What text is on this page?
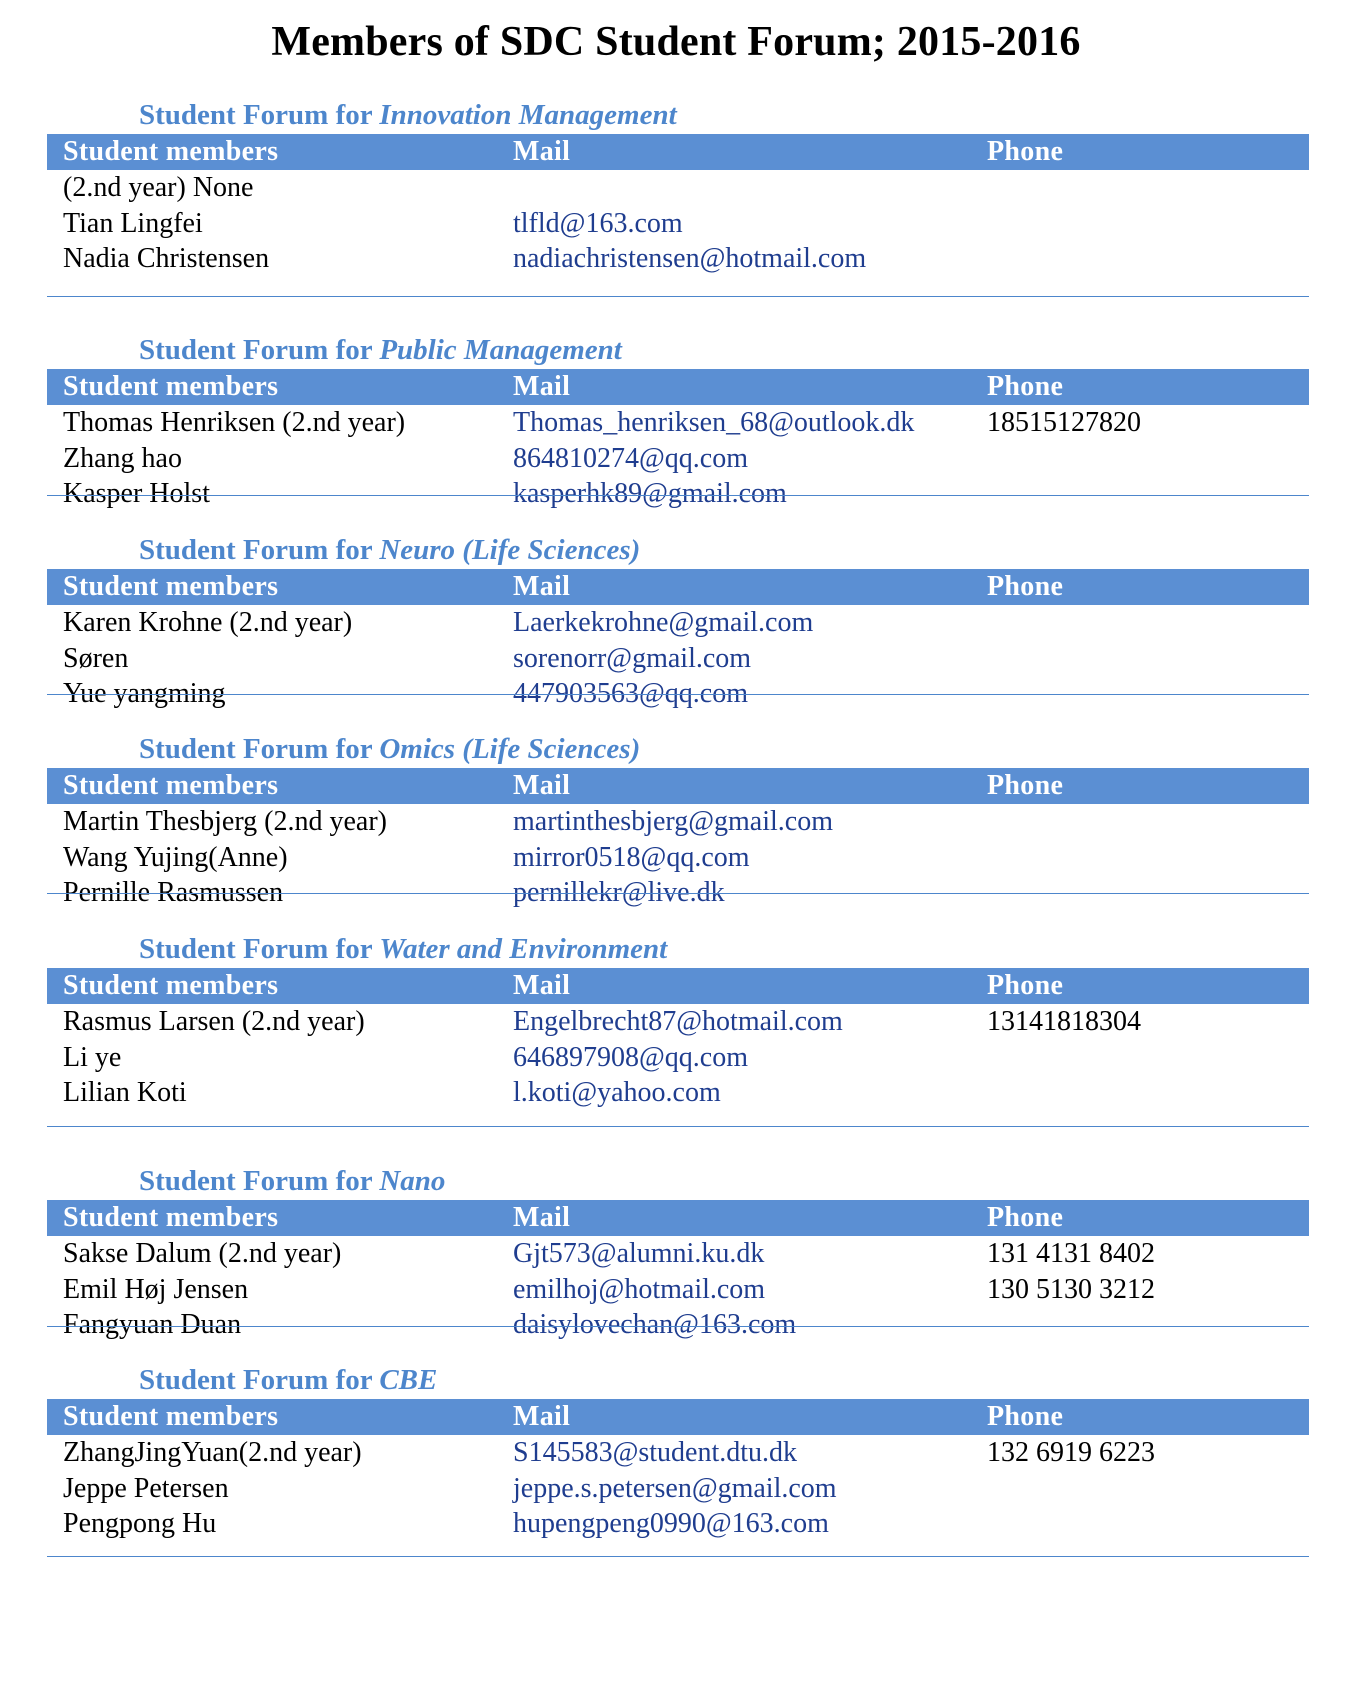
Members of SDC Student Forum; 2015-2016
Student Forum for Innovation Management
Student members	Mail	Phone
(2.nd year) None
Tian Lingfei	tlfld@163.com
Nadia Christensen	nadiachristensen@hotmail.com
Student Forum for Public Management
Student members	Mail	Phone
Thomas Henriksen (2.nd year)	Thomas_henriksen_68@outlook.dk	18515127820
Zhang hao	864810274@qq.com
Kasper Holst	kasperhk89@gmail.com
Student Forum for Neuro (Life Sciences)
Student members	Mail	Phone
Karen Krohne (2.nd year)	Laerkekrohne@gmail.com
Søren	sorenorr@gmail.com
Yue yangming	447903563@qq.com
Student Forum for Omics (Life Sciences)
Student members	Mail	Phone
Martin Thesbjerg (2.nd year)	martinthesbjerg@gmail.com
Wang Yujing(Anne)	mirror0518@qq.com
Pernille Rasmussen	pernillekr@live.dk
Student Forum for Water and Environment
Student members	Mail	Phone
Rasmus Larsen (2.nd year)	Engelbrecht87@hotmail.com	13141818304
Li ye	646897908@qq.com
Lilian Koti	l.koti@yahoo.com
Student Forum for Nano
Student members	Mail	Phone
Sakse Dalum (2.nd year)	Gjt573@alumni.ku.dk	131 4131 8402
Emil Høj Jensen	emilhoj@hotmail.com	130 5130 3212
Fangyuan Duan	daisylovechan@163.com
Student Forum for CBE
Student members	Mail	Phone
ZhangJingYuan(2.nd year)	S145583@student.dtu.dk	132 6919 6223
Jeppe Petersen	jeppe.s.petersen@gmail.com
Pengpong Hu	hupengpeng0990@163.com
